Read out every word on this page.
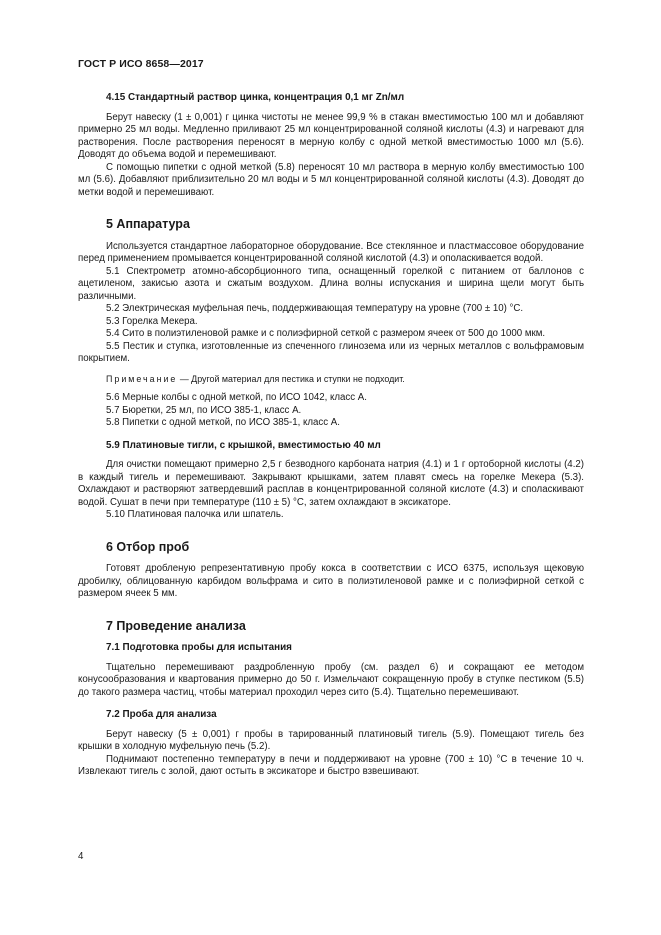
ГОСТ Р ИСО 8658—2017
4.15 Стандартный раствор цинка, концентрация 0,1 мг Zn/мл

Берут навеску (1 ± 0,001) г цинка чистоты не менее 99,9 % в стакан вместимостью 100 мл и добавляют примерно 25 мл воды. Медленно приливают 25 мл концентрированной соляной кислоты (4.3) и нагревают для растворения. После растворения переносят в мерную колбу с одной меткой вместимостью 1000 мл (5.6). Доводят до объема водой и перемешивают.

С помощью пипетки с одной меткой (5.8) переносят 10 мл раствора в мерную колбу вместимостью 100 мл (5.6). Добавляют приблизительно 20 мл воды и 5 мл концентрированной соляной кислоты (4.3). Доводят до метки водой и перемешивают.

5 Аппаратура

Используется стандартное лабораторное оборудование. Все стеклянное и пластмассовое оборудование перед применением промывается концентрированной соляной кислотой (4.3) и ополаскивается водой.

5.1 Спектрометр атомно-абсорбционного типа, оснащенный горелкой с питанием от баллонов с ацетиленом, закисью азота и сжатым воздухом. Длина волны испускания и ширина щели могут быть различными.

5.2 Электрическая муфельная печь, поддерживающая температуру на уровне (700 ± 10) °С.

5.3 Горелка Мекера.

5.4 Сито в полиэтиленовой рамке и с полиэфирной сеткой с размером ячеек от 500 до 1000 мкм.

5.5 Пестик и ступка, изготовленные из спеченного глинозема или из черных металлов с вольфрамовым покрытием.

Примечание — Другой материал для пестика и ступки не подходит.

5.6 Мерные колбы с одной меткой, по ИСО 1042, класс А.

5.7 Бюретки, 25 мл, по ИСО 385-1, класс А.

5.8 Пипетки с одной меткой, по ИСО 385-1, класс А.

5.9 Платиновые тигли, с крышкой, вместимостью 40 мл

Для очистки помещают примерно 2,5 г безводного карбоната натрия (4.1) и 1 г ортоборной кислоты (4.2) в каждый тигель и перемешивают. Закрывают крышками, затем плавят смесь на горелке Мекера (5.3). Охлаждают и растворяют затвердевший расплав в концентрированной соляной кислоте (4.3) и споласкивают водой. Сушат в печи при температуре (110 ± 5) °С, затем охлаждают в эксикаторе.

5.10 Платиновая палочка или шпатель.

6 Отбор проб

Готовят дробленую репрезентативную пробу кокса в соответствии с ИСО 6375, используя щековую дробилку, облицованную карбидом вольфрама и сито в полиэтиленовой рамке и с полиэфирной сеткой с размером ячеек 5 мм.

7 Проведение анализа
7.1 Подготовка пробы для испытания

Тщательно перемешивают раздробленную пробу (см. раздел 6) и сокращают ее методом конусообразования и квартования примерно до 50 г. Измельчают сокращенную пробу в ступке пестиком (5.5) до такого размера частиц, чтобы материал проходил через сито (5.4). Тщательно перемешивают.

7.2 Проба для анализа

Берут навеску (5 ± 0,001) г пробы в тарированный платиновый тигель (5.9). Помещают тигель без крышки в холодную муфельную печь (5.2).

Поднимают постепенно температуру в печи и поддерживают на уровне (700 ± 10) °С в течение 10 ч. Извлекают тигель с золой, дают остыть в эксикаторе и быстро взвешивают.

4
